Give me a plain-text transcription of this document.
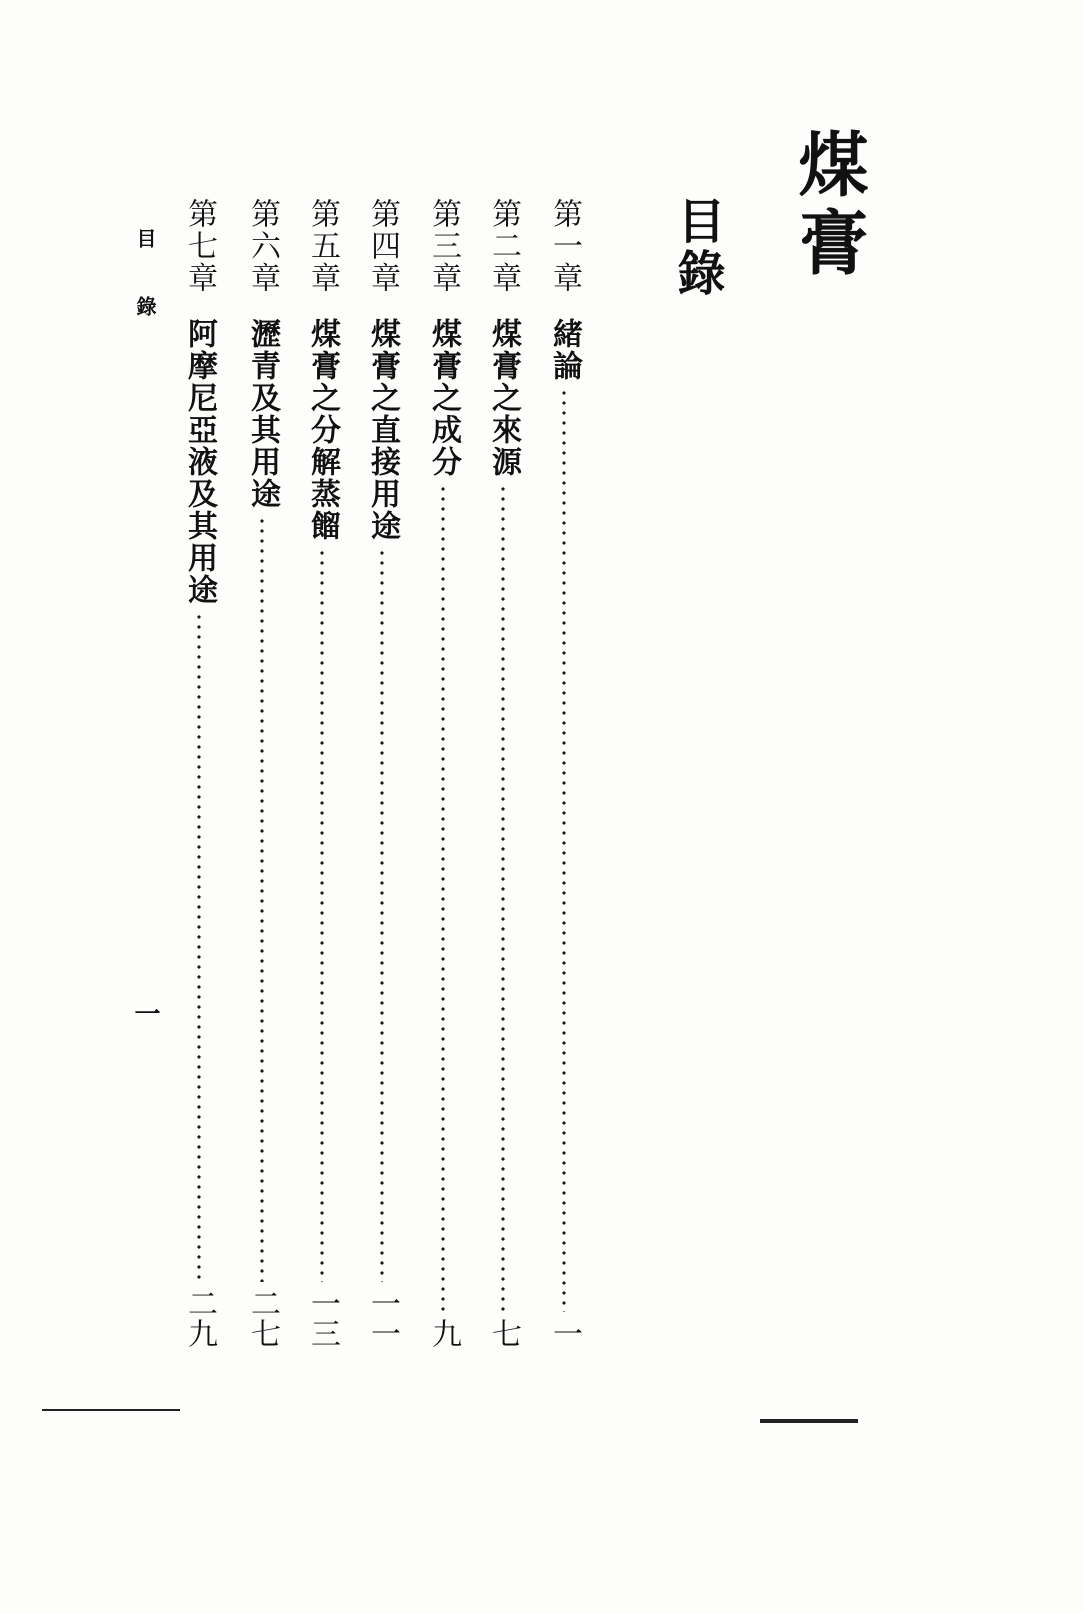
煤膏
目錄
第一章
緒論
一
第二章
煤膏之來源
七
第三章
煤膏之成分
九
第四章
煤膏之直接用途
一一
第五章
煤膏之分解蒸餾
一三
第六章
瀝青及其用途
二七
第七章
阿摩尼亞液及其用途
二九
目錄
一
